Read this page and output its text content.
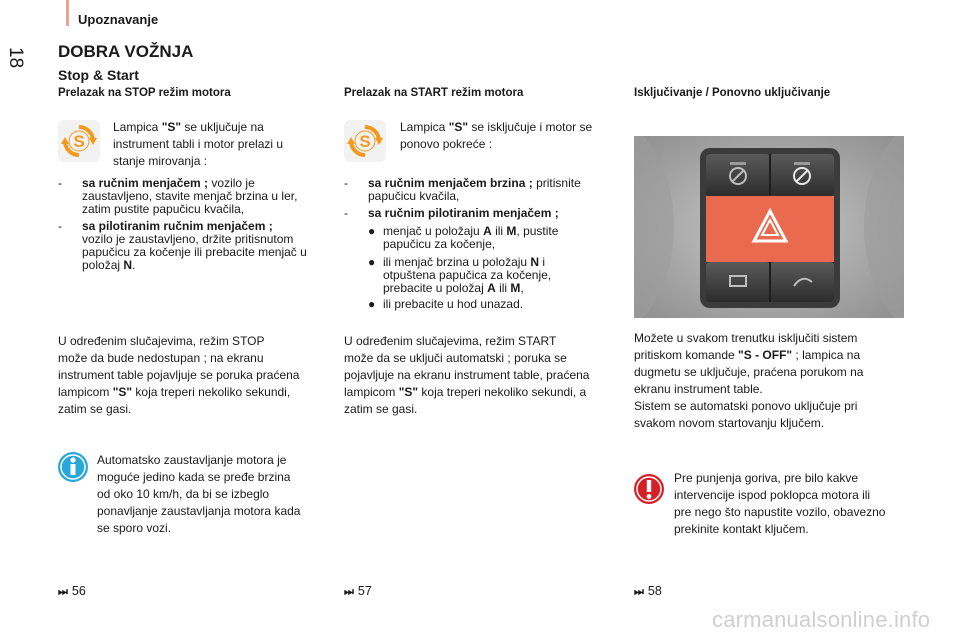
Upoznavanje
18 DOBRA VOŽNJA
Stop & Start
Prelazak na STOP režim motora
S
Lampica "S" se uključuje na
instrument tabli i motor prelazi u
stanje mirovanja :
- sa ručnim menjačem ; vozilo je
zaustavljeno, stavite menjač brzina u ler,
zatim pustite papučicu kvačila,
- sa pilotiranim ručnim menjačem ;
vozilo je zaustavljeno, držite pritisnutom
papučicu za kočenje ili prebacite menjač u
položaj N.
U određenim slučajevima, režim STOP
može da bude nedostupan ; na ekranu
instrument table pojavljuje se poruka praćena
lampicom "S" koja treperi nekoliko sekundi,
zatim se gasi.
Automatsko zaustavljanje motora je
moguće jedino kada se pređe brzina
od oko 10 km/h, da bi se izbeglo
ponavljanje zaustavljanja motora kada
se sporo vozi.
⏭ 56
Prelazak na START režim motora
S
Lampica "S" se isključuje i motor se
ponovo pokreće :
- sa ručnim menjačem brzina ; pritisnite
papučicu kvačila,
- sa ručnim pilotiranim menjačem ;
● menjač u položaju A ili M, pustite
papučicu za kočenje,
● ili menjač brzina u položaju N i
otpuštena papučica za kočenje,
prebacite u položaj A ili M,
● ili prebacite u hod unazad.
U određenim slučajevima, režim START
može da se uključi automatski ; poruka se
pojavljuje na ekranu instrument table, praćena
lampicom "S" koja treperi nekoliko sekundi, a
zatim se gasi.
⏭ 57
Isključivanje / Ponovno uključivanje
Možete u svakom trenutku isključiti sistem
pritiskom komande "S - OFF" ; lampica na
dugmetu se uključuje, praćena porukom na
ekranu instrument table.
Sistem se automatski ponovo uključuje pri
svakom novom startovanju ključem.
Pre punjenja goriva, pre bilo kakve
intervencije ispod poklopca motora ili
pre nego što napustite vozilo, obavezno
prekinite kontakt ključem.
⏭ 58
carmanualsonline.info
